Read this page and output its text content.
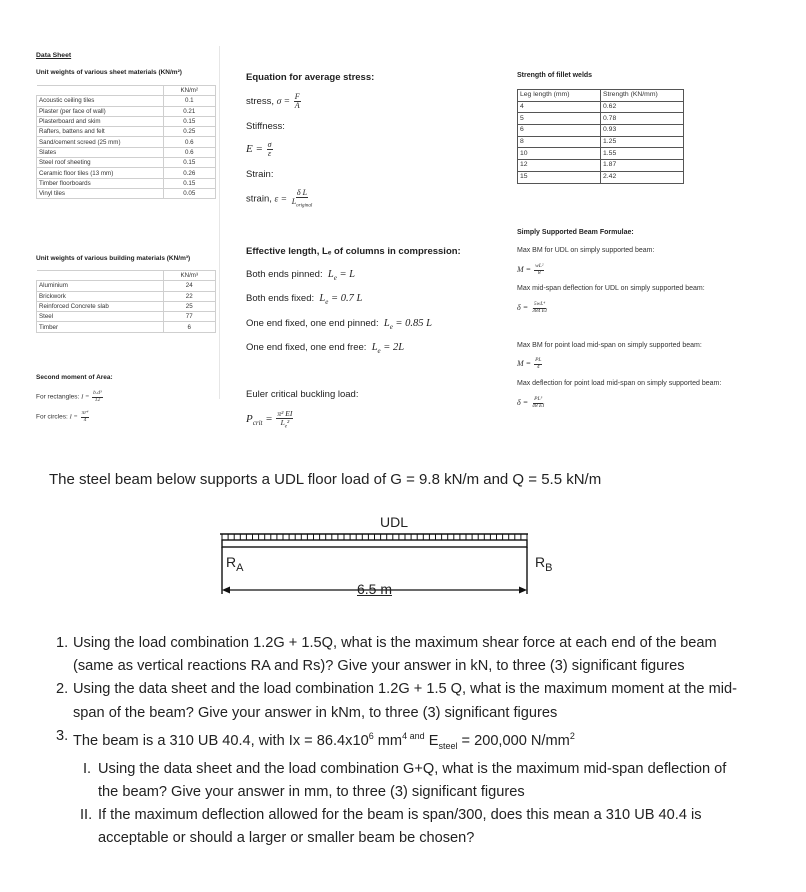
Data Sheet
Unit weights of various sheet materials (KN/m²)
	KN/m²
Acoustic ceiling tiles	0.1
Plaster (per face of wall)	0.21
Plasterboard and skim	0.15
Rafters, battens and felt	0.25
Sand/cement screed (25 mm)	0.6
Slates	0.6
Steel roof sheeting	0.15
Ceramic floor tiles (13 mm)	0.26
Timber floorboards	0.15
Vinyl tiles	0.05
Unit weights of various building materials (KN/m³)
	KN/m³
Aluminium	24
Brickwork	22
Reinforced Concrete slab	25
Steel	77
Timber	6
Second moment of Area:
For rectangles: $I = \frac{\text{b.d³}}{12}$
For circles: $I = \frac{\text{πr⁴}}{4}$
Equation for average stress:
stress, $\sigma = \frac{F}{A}$
Stiffness:
$E = \frac{\sigma}{\varepsilon}$
Strain:
strain, $\varepsilon = \frac{\text{δ L}}{L_{original}}$
Effective length, Lₑ of columns in compression:
Both ends pinned:  $L_e = L$
Both ends fixed:  $L_e = 0.7$ L
One end fixed, one end pinned:  $L_e = 0.85$ L
One end fixed, one end free:  $L_e = 2L$
Euler critical buckling load:
$P_{crit} = \frac{\text{π² EI}}{L_e^2}$
Strength of fillet welds
Leg length (mm)	Strength (KN/mm)
4	0.62
5	0.78
6	0.93
8	1.25
10	1.55
12	1.87
15	2.42
Simply Supported Beam Formulae:
Max BM for UDL on simply supported beam:
$M = \frac{\text{wL²}}{8}$
Max mid-span deflection for UDL on simply supported beam:
$\delta = \frac{\text{5wL⁴}}{384 EI}$
Max BM for point load mid-span on simply supported beam:
$M = \frac{PL}{4}$
Max deflection for point load mid-span on simply supported beam:
$\delta = \frac{\text{PL³}}{48 EI}$
The steel beam below supports a UDL floor load of G = 9.8 kN/m and Q = 5.5 kN/m
UDL
$R_A$	$R_B$
6.5 m
1. Using the load combination 1.2G + 1.5Q, what is the maximum shear force at each end of the beam (same as vertical reactions RA and Rs)? Give your answer in kN, to three (3) significant figures

2. Using the data sheet and the load combination 1.2G + 1.5 Q, what is the maximum moment at the mid-span of the beam? Give your answer in kNm, to three (3) significant figures

3. The beam is a 310 UB 40.4, with $Ix = 86.4x10^6$ $mm^4$ $^{and}$ $E_{steel} = 200,000$ $N/mm^2$

I. Using the data sheet and the load combination G+Q, what is the maximum mid-span deflection of the beam? Give your answer in mm, to three (3) significant figures

II. If the maximum deflection allowed for the beam is span/300, does this mean a 310 UB 40.4 is acceptable or should a larger or smaller beam be chosen?
